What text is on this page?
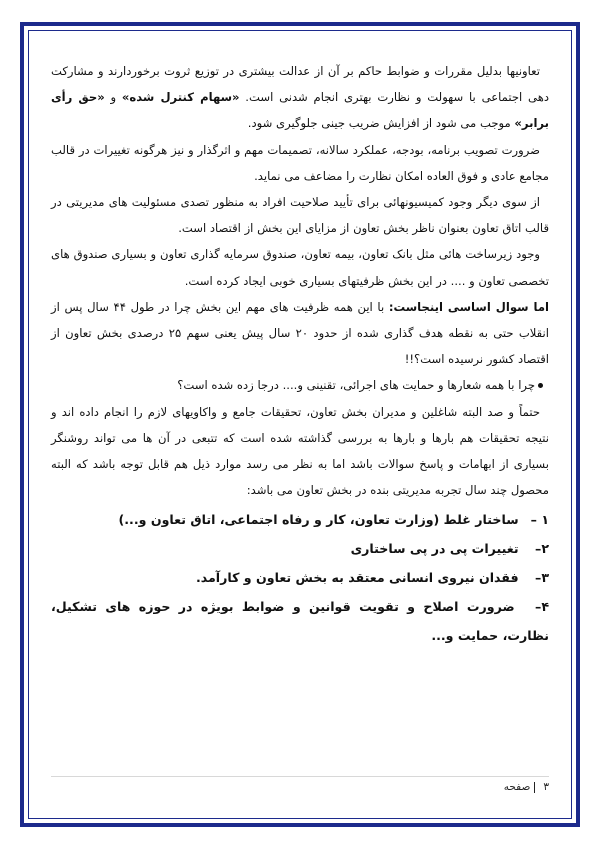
تعاونیها بدلیل مقررات و ضوابط حاکم بر آن از عدالت بیشتری در توزیع ثروت برخوردارند و مشارکت دهی اجتماعی با سهولت و نظارت بهتری انجام شدنی است. «سهام کنترل شده» و «حق رأی برابر» موجب می شود از افزایش ضریب جینی جلوگیری شود.

ضرورت تصویب برنامه، بودجه، عملکرد سالانه، تصمیمات مهم و اثرگذار و نیز هرگونه تغییرات در قالب مجامع عادی و فوق العاده امکان نظارت را مضاعف می نماید.

از سوی دیگر وجود کمیسیونهائی برای تأیید صلاحیت افراد به منظور تصدی مسئولیت های مدیریتی در قالب اتاق تعاون بعنوان ناظر بخش تعاون از مزایای این بخش از اقتصاد است.

وجود زیرساخت هائی مثل بانک تعاون، بیمه تعاون، صندوق سرمایه گذاری تعاون و بسیاری صندوق های تخصصی تعاون و .... در این بخش ظرفیتهای بسیاری خوبی ایجاد کرده است.

اما سوال اساسی اینجاست: با این همه ظرفیت های مهم این بخش چرا در طول ۴۴ سال پس از انقلاب حتی به نقطه هدف گذاری شده از حدود ۲۰ سال پیش یعنی سهم ۲۵ درصدی بخش تعاون از اقتصاد کشور نرسیده است؟!!

چرا با همه شعارها و حمایت های اجرائی، تقنینی و.... درجا زده شده است؟

حتماً و صد البته شاغلین و مدیران بخش تعاون، تحقیقات جامع و واکاویهای لازم را انجام داده اند و نتیجه تحقیقات هم بارها و بارها به بررسی گذاشته شده است که تتبعی در آن ها می تواند روشنگر بسیاری از ابهامات و پاسخ سوالات باشد اما به نظر می رسد موارد ذیل هم قابل توجه باشد که البته محصول چند سال تجربه مدیریتی بنده در بخش تعاون می باشد:

۱ – ساختار غلط (وزارت تعاون، کار و رفاه اجتماعی، اتاق تعاون و...)

۲– تغییرات پی در پی ساختاری

۳– فقدان نیروی انسانی معتقد به بخش تعاون و کارآمد.

۴– ضرورت اصلاح و تقویت قوانین و ضوابط بویژه در حوزه های تشکیل، نظارت، حمایت و...

۳صفحه
